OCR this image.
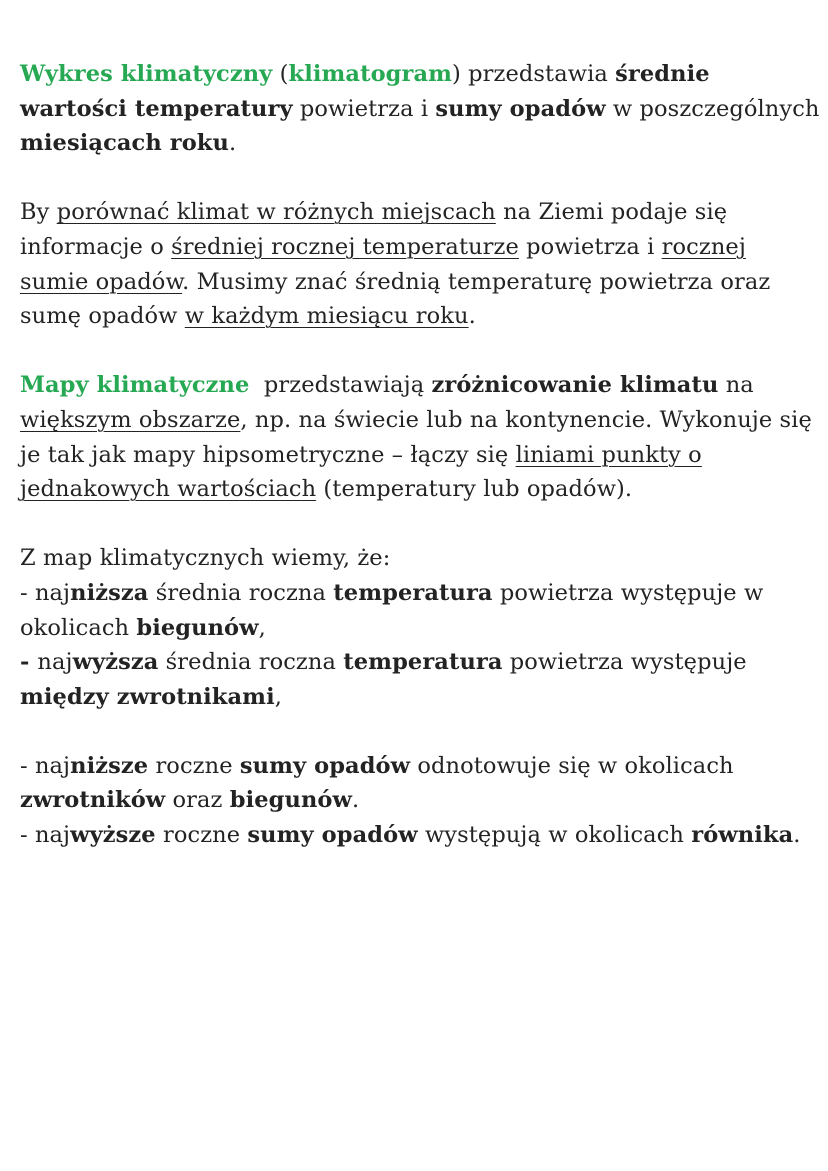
Wykres klimatyczny (klimatogram) przedstawia średnie wartości temperatury powietrza i sumy opadów w poszczególnych miesiącach roku.

By porównać klimat w różnych miejscach na Ziemi podaje się informacje o średniej rocznej temperaturze powietrza i rocznej sumie opadów. Musimy znać średnią temperaturę powietrza oraz sumę opadów w każdym miesiącu roku.

Mapy klimatyczne  przedstawiają zróżnicowanie klimatu na większym obszarze, np. na świecie lub na kontynencie. Wykonuje się je tak jak mapy hipsometryczne – łączy się liniami punkty o jednakowych wartościach (temperatury lub opadów).

Z map klimatycznych wiemy, że:

- najniższa średnia roczna temperatura powietrza występuje w okolicach biegunów,

- najwyższa średnia roczna temperatura powietrza występuje między zwrotnikami,

- najniższe roczne sumy opadów odnotowuje się w okolicach zwrotników oraz biegunów.

- najwyższe roczne sumy opadów występują w okolicach równika.
